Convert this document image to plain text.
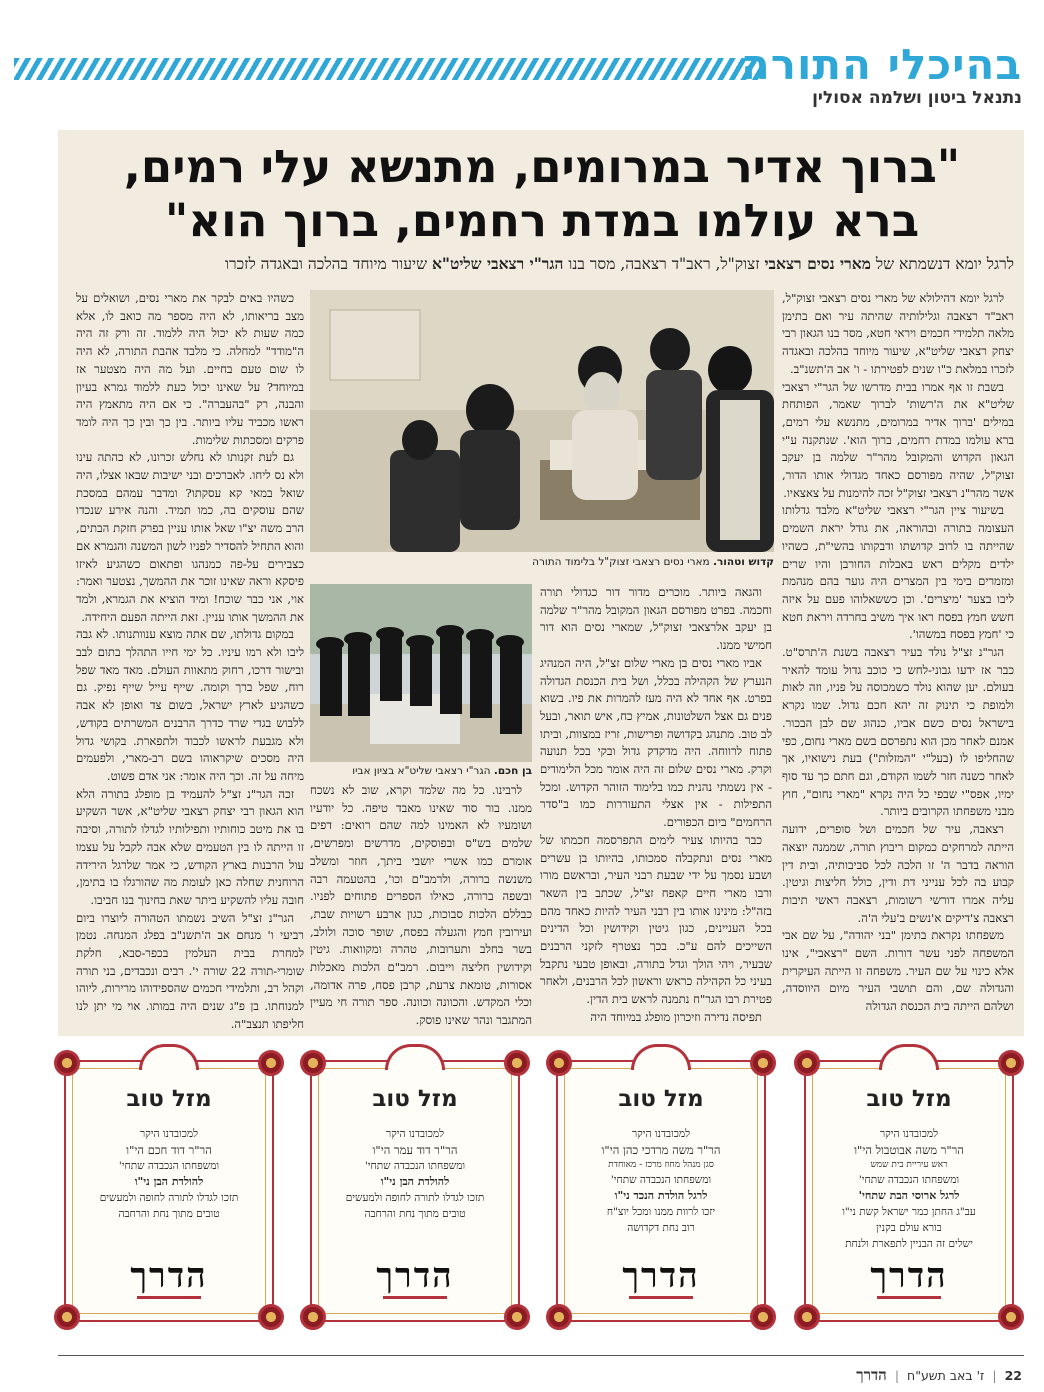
בהיכלי התורה
נתנאל ביטון ושלמה אסולין
"ברוך אדיר במרומים, מתנשא עלי רמים,
ברא עולמו במדת רחמים, ברוך הוא"
לרגל יומא דנשמתא של מארי נסים רצאבי זצוק"ל, ראב"ד רצאבה, מסר בנו הגר"י רצאבי שליט"א שיעור מיוחד בהלכה ובאגדה לזכרו

לרגל יומא דהילולא של מארי נסים רצאבי זצוק"ל, ראב"ד רצאבה וגלילותיה שהיתה עיר ואם בתימן מלאה תלמידי חכמים ויראי חטא, מסר בנו הגאון רבי יצחק רצאבי שליט"א, שיעור מיוחד בהלכה ובאגדה לזכרו במלאת כ"ו שנים לפטירתו - ו' אב ה'תשנ"ב.

בשבת זו אף אמרו בבית מדרשו של הגר"י רצאבי שליט"א את ה'רשות' לברוך שאמר, הפותחת במילים 'ברוך אדיר במרומים, מתנשא עלי רמים, ברא עולמו במדת רחמים, ברוך הוא'. שנתקנה ע"י הגאון הקדוש והמקובל מהר"ר שלמה בן יעקב זצוק"ל, שהיה מפורסם כאחד מגדולי אותו הדור, אשר מהר"נ רצאבי זצוק"ל זכה להימנות על צאצאיו.

בשיעור ציין הגר"י רצאבי שליט"א מלבד גדלותו העצומה בתורה ובהוראה, את גודל יראת השמים שהייתה בו לרוב קדושתו ודבקותו בהשי"ת, כשהיו ילדים מקלים ראש באבלות החורבן והיו שרים ומזמרים בימי בין המצרים היה גוער בהם מנהמת ליבו בצער 'מיצרים'. וכן כששאלוהו פעם על איזה חשש חמץ בפסח ראו איך משיב בחרדה ויראת חטא כי 'חמץ בפסח במשהו'.

הגר"נ זצ"ל נולד בעיר רצאבה בשנת ה'תרס"ט. כבר אז ידעו גבוני-לחש כי כוכב גדול עומד להאיר בעולם. יען שהוא נולד כשמכוסה על פניו, וזה לאות ולמופת כי תינוק זה יהא חכם גדול. שמו נקרא בישראל נסים כשם אביו, כנהוג שם לבן הבכור. אמנם לאחר מכן הוא נתפרסם בשם מארי נחום, כפי שהחליפו לו (בעל"י "המזלות") בעת נישואיו, אך לאחר כשנה חזר לשמו הקודם, וגם חתם כך עד סוף ימיו, אפס"י שבפי כל היה נקרא "מארי נחום", חוץ מבני משפחתו הקרובים ביותר.

רצאבה, עיר של חכמים ושל סופרים, ידועה הייתה למרחקים כמקום ריבוץ תורה, שממנה יוצאה הוראה בדבר ה' זו הלכה לכל סביבותיה, ובית דין קבוע בה לכל ענייני דת ודין, כולל חליצות וגיטין. עליה אמרו דורשי רשומות, רצאבה ראשי תיבות רצאבה צ'דיקים א'נשים ב'עלי ה'ה.

משפחתו נקראת בתימן "בני יהודה", על שם אבי המשפחה לפני עשר דורות. השם "רצאבי", אינו אלא כינוי על שם העיר. משפחה זו הייתה העיקרית והגדולה שם, והם תושבי העיר מיום היווסדה, ושלהם הייתה בית הכנסת הגדולה

והגאה ביותר. מוכרים מדור דור כגדולי תורה וחכמה. בפרט מפורסם הגאון המקובל מהר"ר שלמה בן יעקב אלרצאבי זצוק"ל, שמארי נסים הוא דור חמישי ממנו.

אביו מארי נסים בן מארי שלום זצ"ל, היה המנהיג הנערץ של הקהילה בכלל, ושל בית הכנסת הגדולה בפרט. אף אחד לא היה מעז להמרות את פיו. בשוא פנים גם אצל השלטונות, אמיץ כח, איש תואר, ובעל לב טוב. מתנהג בקדושה ופרישות, זריז במצוות, וביתו פתוח לרווחה. היה מדקדק גדול ובקי בכל תנועה וקרק. מארי נסים שלום זה היה אומר מכל הלימודים - אין נשמתי נהנית כמו בלימוד הזוהר הקדוש. ומכל התפילות - אין אצלי התעוררות כמו ב"סדר הרחמים" ביום הכפורים.

כבר בהיותו צעיר לימים התפרסמה חכמתו של מארי נסים ונתקבלה סמכותו, בהיותו בן עשרים ושבע נסמך על ידי שבעת רבני העיר, ובראשם מורו ורבו מארי חיים קאפח זצ"ל, שכתב בין השאר בזה"ל: מינינו אותו בין רבני העיר להיות כאחד מהם בכל העניינים, כגון גיטין וקידושין וכל הדינים השייכים להם ע"כ. בכך נצטרף לזקני הרבנים שבעיר, ויהי הולך וגדל בתורה, ובאופן טבעי נתקבל בעיני כל הקהילה כראש וראשון לכל הרבנים, ולאחר פטירת רבו הגר"ח נתמנה לראש בית הדין.

תפיסה נדירה וזיכרון מופלג במיוחד היה

לרבינו. כל מה שלמד וקרא, שוב לא נשכח ממנו. בור סוד שאינו מאבד טיפה. כל יודעיו ושומעיו לא האמינו למה שהם רואים: דפים שלמים בש"ס ובפוסקים, מדרשים ומפרשים, אומרם כמו אשרי יושבי ביתך, חוזר ומשלב משנשה ברורה, ולרמב"ם וכו', בהטעמה רבה ובשפה ברורה, כאילו הספרים פתוחים לפניו. כבללם הלכות סבוכות, כגון ארבע רשויות שבת, ועירובין חמץ והגעלה בפסח, שופר סוכה ולולב, בשר בחלב ותערובות, טהרה ומקוואות. גיטין וקידושין חליצה וייבום. רמב"ם הלכות מאכלות אסורות, טומאת צרעת, קרבן פסח, פרה אדומה, וכלי המקדש. והכוונה וכוונה. ספר תורה חי מעיין המתגבר ונהר שאינו פוסק.

כשהיו באים לבקר את מארי נסים, ושואלים על מצב בריאותו, לא היה מספר מה כואב לו, אלא כמה שעות לא יכול היה ללמוד. זה ורק זה היה ה"מודד" למחלה. כי מלבד אהבת התורה, לא היה לו שום טעם בחיים. ועל מה היה מצטער אז במיוחד? על שאינו יכול כעת ללמוד גמרא בעיון והבנה, רק "בהעברה". כי אם היה מתאמץ היה ראשו מכביד עליו ביותר. בין כך ובין כך היה לומד פרקים ומסכתות שלימות.

גם לעת זקנותו לא נחלש זכרונו, לא כהתה עינו ולא נס ליחו. לאברכים ובני ישיבות שבאו אצלו, היה שואל במאי קא עסקתו? ומדבר עמהם במסכת שהם עוסקים בה, כמו תמיד. והנה אירע שנכדו הרב משה יצ"ו שאל אותו עניין בפרק חזקת הבתים, והוא התחיל להסדיר לפניו לשון המשנה והגמרא אם כצבירים על-פה כמנהגו ופתאום כשהגיע לאיזו פיסקא וראה שאינו זוכר את ההמשך, נצטער ואמר: אוי, אני כבר שוכח! ומיד הוציא את הגמרא, ולמד את ההמשך אותו עניין. זאת הייתה הפעם היחידה.

במקום גדולתו, שם אתה מוצא ענוותנותו. לא גבה ליבו ולא רמו עיניו. כל ימי חייו התהלך בתום לבב ובישור דרכו, רחוק מתאוות העולם. מאד מאד שפל רוח, שפל ברך וקומה. שייף עייל שייף נפיק. גם כשהגיע לארץ ישראל, בשום צד ואופן לא אבה ללבוש בגדי שרד כדרך הרבנים המשרתים בקודש, ולא מגבעת לראשו לכבוד ולתפארת. בקושי גדול היה מסכים שיקראוהו בשם רב-מארי, ולפעמים מיחה על זה. וכך היה אומר: אני אדם פשוט.

זכה הגר"נ זצ"ל להעמיד בן מופלג בתורה הלא הוא הגאון רבי יצחק רצאבי שליט"א, אשר השקיע בו את מיטב כוחותיו ותפילותיו לגדלו לתורה, וסיבה זו הייתה לו בין הטעמים שלא אבה לקבל על עצמו עול הרבנות בארץ הקודש, כי אמר שלרגל הירידה הרוחנית שחלה כאן לעומת מה שהורגלו בו בתימן, חובה עליו להשקיע ביתר שאת בחינוך בנו חביבו.

הגר"נ זצ"ל השיב נשמתו הטהורה ליוצרו ביום רביעי ו' מנחם אב ה'תשנ"ב בפלג המנחה. נטמן למחרת בבית העלמין בכפר-סבא, חלקת שומרי-תורה 22 שורה י'. רבים ונכבדים, בני תורה וקהל רב, ותלמידי חכמים שהספידוהו מרירות, ליוהו למנוחתו. בן פ"ג שנים היה במותו. אוי מי יתן לנו חליפתו תנצב"ה.

קדוש וטהור. מארי נסים רצאבי זצוק"ל בלימוד התורה
בן חכם. הגר"י רצאבי שליט"א בציון אביו
מזל טוב
למכובדנו היקר
הר"ר משה אבוטבול הי"ו
ראש עיריית בית שמש
ומשפחתו הנכבדה שתחי'
לרגל ארוסי הבת שתחי'
עב"ג החתן כמר ישראל קשת ני"ו
בורא עולם בקנין
ישלים זה הבניין לתפארת ולנחת
הדרך
מזל טוב
למכובדנו היקר
הר"ר משה מרדכי כהן הי"ו
סגן מנהל מחוז מרכז - מאוחדת
ומשפחתו הנכבדה שתחי'
לרגל הולדת הנכד ני"ו
יזכו לרוות ממנו ומכל יוצ"ח
רוב נחת דקדושה
הדרך
מזל טוב
למכובדנו היקר
הר"ר דוד עמר הי"ו
ומשפחתו הנכבדה שתחי'
להולדת הבן ני"ו
תזכו לגדלו לתורה לחופה ולמעשים
טובים מתוך נחת והרחבה
הדרך
מזל טוב
למכובדנו היקר
הר"ר דוד חכם הי"ו
ומשפחתו הנכבדה שתחי'
להולדת הבן ני"ו
תזכו לגדלו לתורה לחופה ולמעשים
טובים מתוך נחת והרחבה
הדרך
22|ז' באב תשע"ח|הדרך
